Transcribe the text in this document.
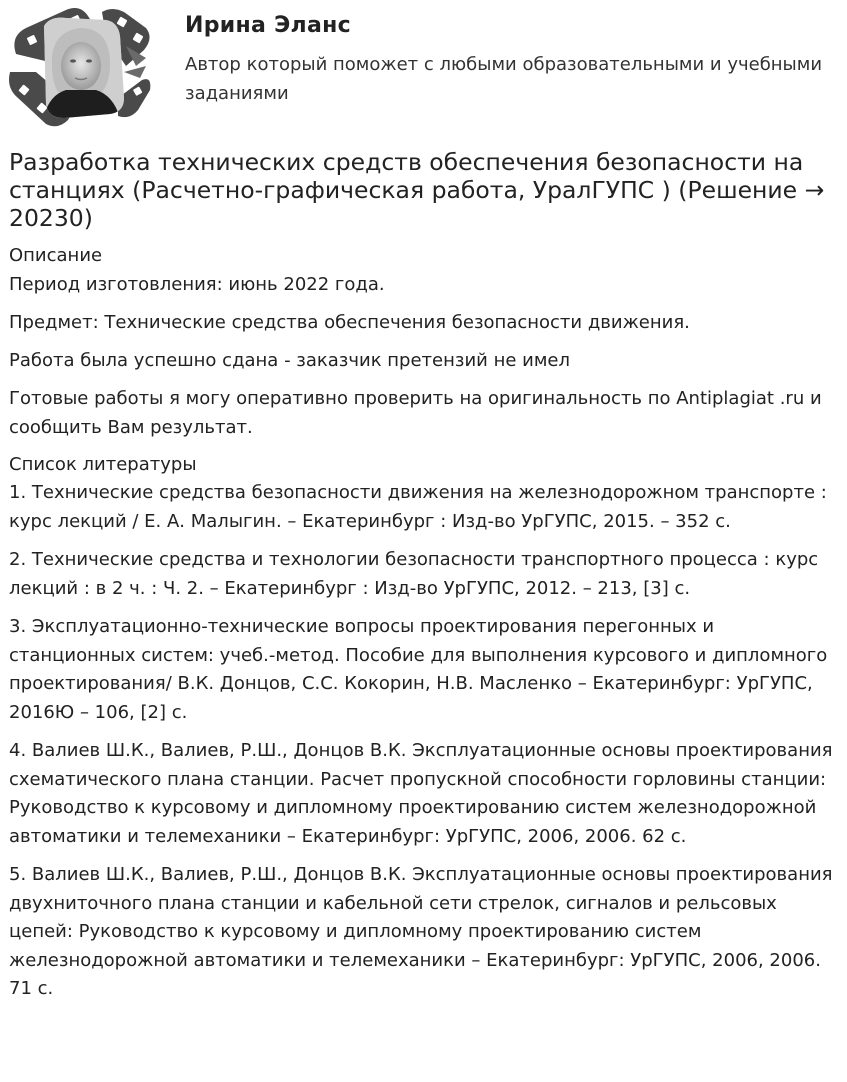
Ирина Эланс
Автор который поможет с любыми образовательными и учебными заданиями
Разработка технических средств обеспечения безопасности на станциях (Расчетно-графическая работа, УралГУПС ) (Решение → 20230)
Описание

Период изготовления: июнь 2022 года.

Предмет: Технические средства обеспечения безопасности движения.

Работа была успешно сдана - заказчик претензий не имел

Готовые работы я могу оперативно проверить на оригинальность по Antiplagiat .ru и сообщить Вам результат.

Список литературы

1. Технические средства безопасности движения на железнодорожном транспорте : курс лекций / Е. А. Малыгин. – Екатеринбург : Изд-во УрГУПС, 2015. – 352 с.

2. Технические средства и технологии безопасности транспортного процесса : курс лекций : в 2 ч. : Ч. 2. – Екатеринбург : Изд-во УрГУПС, 2012. – 213, [3] с.

3. Эксплуатационно-технические вопросы проектирования перегонных и станционных систем: учеб.-метод. Пособие для выполнения курсового и дипломного проектирования/ В.К. Донцов, С.С. Кокорин, Н.В. Масленко – Екатеринбург: УрГУПС, 2016Ю – 106, [2] с.

4. Валиев Ш.К., Валиев, Р.Ш., Донцов В.К. Эксплуатационные основы проектирования схематического плана станции. Расчет пропускной способности горловины станции: Руководство к курсовому и дипломному проектированию систем железнодорожной автоматики и телемеханики – Екатеринбург: УрГУПС, 2006, 2006. 62 с.

5. Валиев Ш.К., Валиев, Р.Ш., Донцов В.К. Эксплуатационные основы проектирования двухниточного плана станции и кабельной сети стрелок, сигналов и рельсовых цепей: Руководство к курсовому и дипломному проектированию систем железнодорожной автоматики и телемеханики – Екатеринбург: УрГУПС, 2006, 2006. 71 с.
